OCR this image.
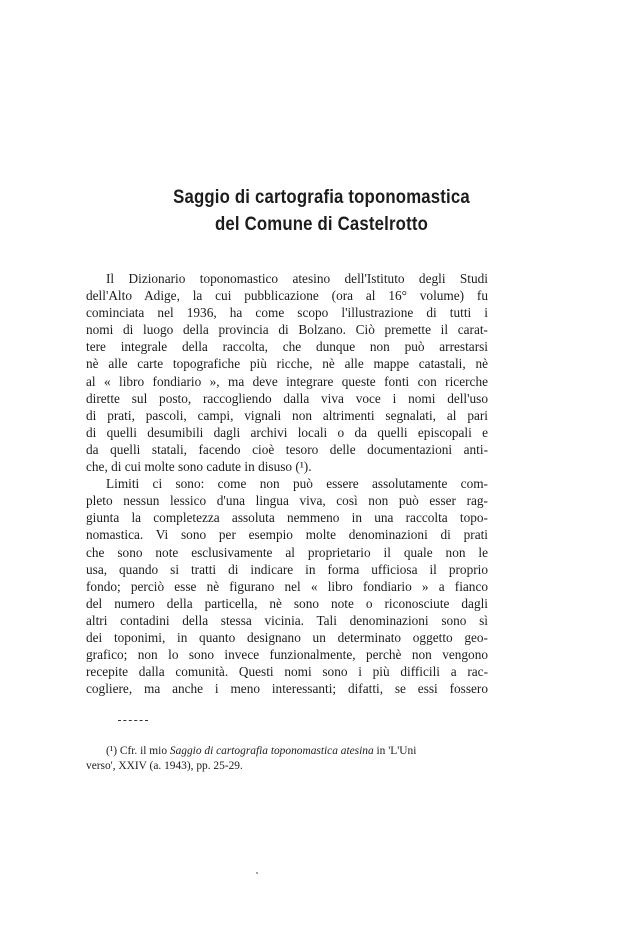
Saggio di cartografia toponomastica
del Comune di Castelrotto
Il Dizionario toponomastico atesino dell'Istituto degli Studi
dell'Alto Adige, la cui pubblicazione (ora al 16° volume) fu
cominciata nel 1936, ha come scopo l'illustrazione di tutti i
nomi di luogo della provincia di Bolzano. Ciò premette il carat-
tere integrale della raccolta, che dunque non può arrestarsi
nè alle carte topografiche più ricche, nè alle mappe catastali, nè
al « libro fondiario », ma deve integrare queste fonti con ricerche
dirette sul posto, raccogliendo dalla viva voce i nomi dell'uso
di prati, pascoli, campi, vignali non altrimenti segnalati, al pari
di quelli desumibili dagli archivi locali o da quelli episcopali e
da quelli statali, facendo cioè tesoro delle documentazioni anti-
che, di cui molte sono cadute in disuso (¹).
Limiti ci sono: come non può essere assolutamente com-
pleto nessun lessico d'una lingua viva, così non può esser rag-
giunta la completezza assoluta nemmeno in una raccolta topo-
nomastica. Vi sono per esempio molte denominazioni di prati
che sono note esclusivamente al proprietario il quale non le
usa, quando si tratti di indicare in forma ufficiosa il proprio
fondo; perciò esse nè figurano nel « libro fondiario » a fianco
del numero della particella, nè sono note o riconosciute dagli
altri contadini della stessa vicinia. Tali denominazioni sono sì
dei toponimi, in quanto designano un determinato oggetto geo-
grafico; non lo sono invece funzionalmente, perchè non vengono
recepite dalla comunità. Questi nomi sono i più difficili a rac-
cogliere, ma anche i meno interessanti; difatti, se essi fossero
(¹) Cfr. il mio Saggio di cartografia toponomastica atesina in 'L'Uni
verso', XXIV (a. 1943), pp. 25-29.
